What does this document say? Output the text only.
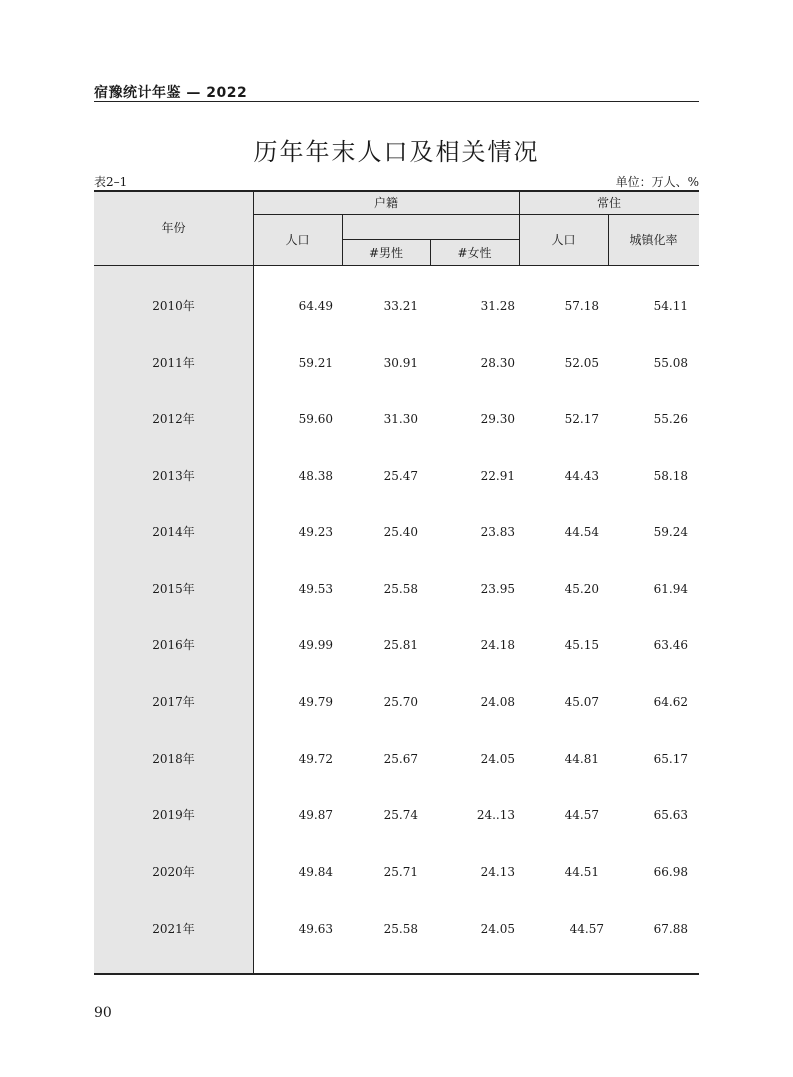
宿豫统计年鉴 — 2022
历年年末人口及相关情况
表2–1	单位：万人、%
年份
户籍	常住
人口
#男性	#女性
人口	城镇化率
2010年	64.49	33.21	31.28	57.18	54.11
2011年	59.21	30.91	28.30	52.05	55.08
2012年	59.60	31.30	29.30	52.17	55.26
2013年	48.38	25.47	22.91	44.43	58.18
2014年	49.23	25.40	23.83	44.54	59.24
2015年	49.53	25.58	23.95	45.20	61.94
2016年	49.99	25.81	24.18	45.15	63.46
2017年	49.79	25.70	24.08	45.07	64.62
2018年	49.72	25.67	24.05	44.81	65.17
2019年	49.87	25.74	24..13	44.57	65.63
2020年	49.84	25.71	24.13	44.51	66.98
2021年	49.63	25.58	24.05	44.57	67.88
90
